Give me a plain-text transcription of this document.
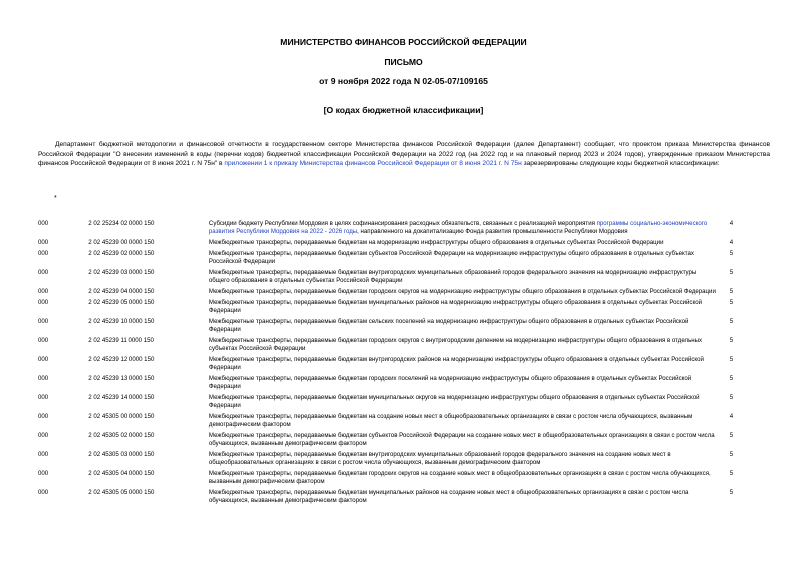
МИНИСТЕРСТВО ФИНАНСОВ РОССИЙСКОЙ ФЕДЕРАЦИИ
ПИСЬМО
от 9 ноября 2022 года N 02-05-07/109165
[О кодах бюджетной классификации]
Департамент бюджетной методологии и финансовой отчетности в государственном секторе Министерства финансов Российской Федерации (далее Департамент) сообщает, что проектом приказа Министерства финансов Российской Федерации "О внесении изменений в коды (перечни кодов) бюджетной классификации Российской Федерации на 2022 год (на 2022 год и на плановый период 2023 и 2024 годов), утвержденные приказом Министерства финансов Российской Федерации от 8 июня 2021 г. N 75н" в приложении 1 к приказу Министерства финансов Российской Федерации от 8 июня 2021 г. N 75н зарезервированы следующие коды бюджетной классификации:
*
000	2 02 25234 02 0000 150	Субсидии бюджету Республики Мордовия в целях софинансирования расходных обязательств, связанных с реализацией мероприятия программы социально-экономического развития Республики Мордовия на 2022 - 2026 годы, направленного на докапитализацию Фонда развития промышленности Республики Мордовия	4
000	2 02 45239 00 0000 150	Межбюджетные трансферты, передаваемые бюджетам на модернизацию инфраструктуры общего образования в отдельных субъектах Российской Федерации	4
000	2 02 45239 02 0000 150	Межбюджетные трансферты, передаваемые бюджетам субъектов Российской Федерации на модернизацию инфраструктуры общего образования в отдельных субъектах Российской Федерации	5
000	2 02 45239 03 0000 150	Межбюджетные трансферты, передаваемые бюджетам внутригородских муниципальных образований городов федерального значения на модернизацию инфраструктуры общего образования в отдельных субъектах Российской Федерации	5
000	2 02 45239 04 0000 150	Межбюджетные трансферты, передаваемые бюджетам городских округов на модернизацию инфраструктуры общего образования в отдельных субъектах Российской Федерации	5
000	2 02 45239 05 0000 150	Межбюджетные трансферты, передаваемые бюджетам муниципальных районов на модернизацию инфраструктуры общего образования в отдельных субъектах Российской Федерации	5
000	2 02 45239 10 0000 150	Межбюджетные трансферты, передаваемые бюджетам сельских поселений на модернизацию инфраструктуры общего образования в отдельных субъектах Российской Федерации	5
000	2 02 45239 11 0000 150	Межбюджетные трансферты, передаваемые бюджетам городских округов с внутригородским делением на модернизацию инфраструктуры общего образования в отдельных субъектах Российской Федерации	5
000	2 02 45239 12 0000 150	Межбюджетные трансферты, передаваемые бюджетам внутригородских районов на модернизацию инфраструктуры общего образования в отдельных субъектах Российской Федерации	5
000	2 02 45239 13 0000 150	Межбюджетные трансферты, передаваемые бюджетам городских поселений на модернизацию инфраструктуры общего образования в отдельных субъектах Российской Федерации	5
000	2 02 45239 14 0000 150	Межбюджетные трансферты, передаваемые бюджетам муниципальных округов на модернизацию инфраструктуры общего образования в отдельных субъектах Российской Федерации	5
000	2 02 45305 00 0000 150	Межбюджетные трансферты, передаваемые бюджетам на создание новых мест в общеобразовательных организациях в связи с ростом числа обучающихся, вызванным демографическим фактором	4
000	2 02 45305 02 0000 150	Межбюджетные трансферты, передаваемые бюджетам субъектов Российской Федерации на создание новых мест в общеобразовательных организациях в связи с ростом числа обучающихся, вызванным демографическим фактором	5
000	2 02 45305 03 0000 150	Межбюджетные трансферты, передаваемые бюджетам внутригородских муниципальных образований городов федерального значения на создание новых мест в общеобразовательных организациях в связи с ростом числа обучающихся, вызванным демографическим фактором	5
000	2 02 45305 04 0000 150	Межбюджетные трансферты, передаваемые бюджетам городских округов на создание новых мест в общеобразовательных организациях в связи с ростом числа обучающихся, вызванным демографическим фактором	5
000	2 02 45305 05 0000 150	Межбюджетные трансферты, передаваемые бюджетам муниципальных районов на создание новых мест в общеобразовательных организациях в связи с ростом числа обучающихся, вызванным демографическим фактором	5
